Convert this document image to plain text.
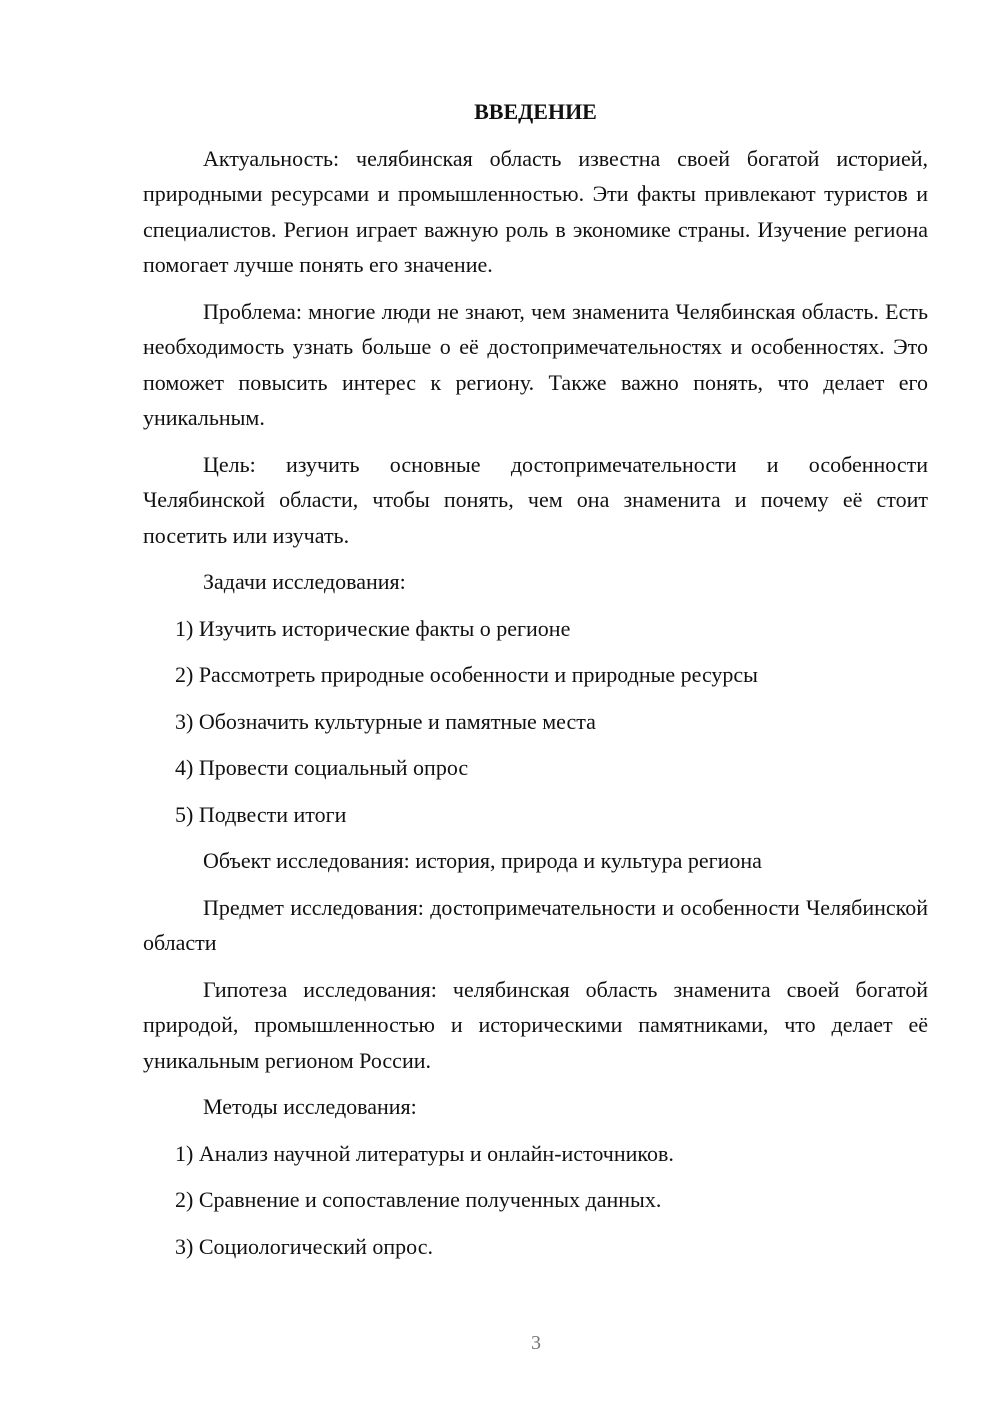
ВВЕДЕНИЕ

Актуальность: челябинская область известна своей богатой историей, природными ресурсами и промышленностью. Эти факты привлекают туристов и специалистов. Регион играет важную роль в экономике страны. Изучение региона помогает лучше понять его значение.

Проблема: многие люди не знают, чем знаменита Челябинская область. Есть необходимость узнать больше о её достопримечательностях и особенностях. Это поможет повысить интерес к региону. Также важно понять, что делает его уникальным.

Цель: изучить основные достопримечательности и особенности Челябинской области, чтобы понять, чем она знаменита и почему её стоит посетить или изучать.

Задачи исследования:

1) Изучить исторические факты о регионе

2) Рассмотреть природные особенности и природные ресурсы

3) Обозначить культурные и памятные места

4) Провести социальный опрос

5) Подвести итоги

Объект исследования: история, природа и культура региона

Предмет исследования: достопримечательности и особенности Челябинской области

Гипотеза исследования: челябинская область знаменита своей богатой природой, промышленностью и историческими памятниками, что делает её уникальным регионом России.

Методы исследования:

1) Анализ научной литературы и онлайн-источников.

2) Сравнение и сопоставление полученных данных.

3) Социологический опрос.

3
